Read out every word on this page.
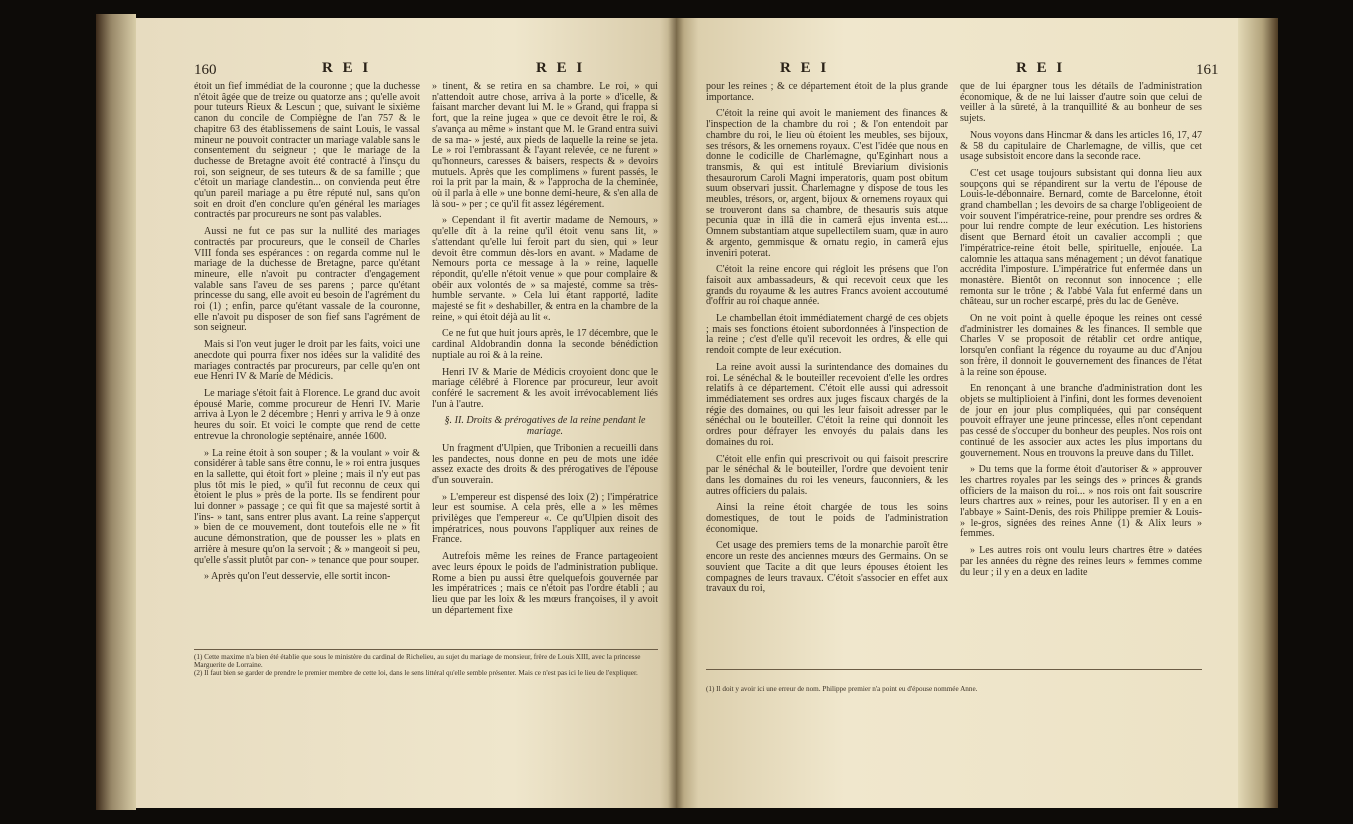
160	R E I	R E I

étoit un fief immédiat de la couronne ; que la duchesse n'étoit âgée que de treize ou quatorze ans ; qu'elle avoit pour tuteurs Rieux & Lescun ; que, suivant le sixième canon du concile de Compiègne de l'an 757 & le chapitre 63 des établissemens de saint Louis, le vassal mineur ne pouvoit contracter un mariage valable sans le consentement du seigneur ; que le mariage de la duchesse de Bretagne avoit été contracté à l'insçu du roi, son seigneur, de ses tuteurs & de sa famille ; que c'étoit un mariage clandestin... on convienda peut être qu'un pareil mariage a pu être réputé nul, sans qu'on soit en droit d'en conclure qu'en général les mariages contractés par procureurs ne sont pas valables.

Aussi ne fut ce pas sur la nullité des mariages contractés par procureurs, que le conseil de Charles VIII fonda ses espérances : on regarda comme nul le mariage de la duchesse de Bretagne, parce qu'étant mineure, elle n'avoit pu contracter d'engagement valable sans l'aveu de ses parens ; parce qu'étant princesse du sang, elle avoit eu besoin de l'agrément du roi (1) ; enfin, parce qu'étant vassale de la couronne, elle n'avoit pu disposer de son fief sans l'agrément de son seigneur.

Mais si l'on veut juger le droit par les faits, voici une anecdote qui pourra fixer nos idées sur la validité des mariages contractés par procureurs, par celle qu'en ont eue Henri IV & Marie de Médicis.

Le mariage s'étoit fait à Florence. Le grand duc avoit épousé Marie, comme procureur de Henri IV. Marie arriva à Lyon le 2 décembre ; Henri y arriva le 9 à onze heures du soir. Et voici le compte que rend de cette entrevue la chronologie septénaire, année 1600.

» La reine étoit à son souper ; & la voulant » voir & considérer à table sans être connu, le » roi entra jusques en la sallette, qui étoit fort » pleine ; mais il n'y eut pas plus tôt mis le pied, » qu'il fut reconnu de ceux qui étoient le plus » près de la porte. Ils se fendirent pour lui donner » passage ; ce qui fit que sa majesté sortit à l'ins- » tant, sans entrer plus avant. La reine s'apperçut » bien de ce mouvement, dont toutefois elle ne » fit aucune démonstration, que de pousser les » plats en arrière à mesure qu'on la servoit ; & » mangeoit si peu, qu'elle s'assit plutôt par con- » tenance que pour souper.

» Après qu'on l'eut desservie, elle sortit incon-

» tinent, & se retira en sa chambre. Le roi, » qui n'attendoit autre chose, arriva à la porte » d'icelle, & faisant marcher devant lui M. le » Grand, qui frappa si fort, que la reine jugea » que ce devoit être le roi, & s'avança au même » instant que M. le Grand entra suivi de sa ma- » jesté, aux pieds de laquelle la reine se jeta. Le » roi l'embrassant & l'ayant relevée, ce ne furent » qu'honneurs, caresses & baisers, respects & » devoirs mutuels. Après que les complimens » furent passés, le roi la prit par la main, & » l'approcha de la cheminée, où il parla à elle » une bonne demi-heure, & s'en alla de là sou- » per ; ce qu'il fit assez légérement.

» Cependant il fit avertir madame de Nemours, » qu'elle dît à la reine qu'il étoit venu sans lit, » s'attendant qu'elle lui feroit part du sien, qui » leur devoit être commun dès-lors en avant. » Madame de Nemours porta ce message à la » reine, laquelle répondit, qu'elle n'étoit venue » que pour complaire & obéir aux volontés de » sa majesté, comme sa très-humble servante. » Cela lui étant rapporté, ladite majesté se fit » deshabiller, & entra en la chambre de la reine, » qui étoit déjà au lit «.

Ce ne fut que huit jours après, le 17 décembre, que le cardinal Aldobrandin donna la seconde bénédiction nuptiale au roi & à la reine.

Henri IV & Marie de Médicis croyoient donc que le mariage célébré à Florence par procureur, leur avoit conféré le sacrement & les avoit irrévocablement liés l'un à l'autre.

§. II. Droits & prérogatives de la reine pendant le mariage.

Un fragment d'Ulpien, que Tribonien a recueilli dans les pandectes, nous donne en peu de mots une idée assez exacte des droits & des prérogatives de l'épouse d'un souverain.

» L'empereur est dispensé des loix (2) ; l'impératrice leur est soumise. A cela près, elle a » les mêmes privilèges que l'empereur «. Ce qu'Ulpien disoit des impératrices, nous pouvons l'appliquer aux reines de France.

Autrefois même les reines de France partageoient avec leurs époux le poids de l'administration publique. Rome a bien pu aussi être quelquefois gouvernée par les impératrices ; mais ce n'étoit pas l'ordre établi ; au lieu que par les loix & les mœurs françoises, il y avoit un département fixe

(1) Cette maxime n'a bien été établie que sous le ministère du cardinal de Richelieu, au sujet du mariage de monsieur, frère de Louis XIII, avec la princesse Marguerite de Lorraine.
(2) Il faut bien se garder de prendre le premier membre de cette loi, dans le sens littéral qu'elle semble présenter. Mais ce n'est pas ici le lieu de l'expliquer.
R E I	R E I	161

pour les reines ; & ce département étoit de la plus grande importance.

C'étoit la reine qui avoit le maniement des finances & l'inspection de la chambre du roi ; & l'on entendoit par chambre du roi, le lieu où étoient les meubles, ses bijoux, ses trésors, & les ornemens royaux. C'est l'idée que nous en donne le codicille de Charlemagne, qu'Eginhart nous a transmis, & qui est intitulé Breviarium divisionis thesaurorum Caroli Magni imperatoris, quam post obitum suum observari jussit. Charlemagne y dispose de tous les meubles, trésors, or, argent, bijoux & ornemens royaux qui se trouveront dans sa chambre, de thesauris suis atque pecunia quæ in illâ die in camerâ ejus inventa est.... Omnem substantiam atque supellectilem suam, quæ in auro & argento, gemmisque & ornatu regio, in camerâ ejus inveniri poterat.

C'étoit la reine encore qui régloit les présens que l'on faisoit aux ambassadeurs, & qui recevoit ceux que les grands du royaume & les autres Francs avoient accoutumé d'offrir au roi chaque année.

Le chambellan étoit immédiatement chargé de ces objets ; mais ses fonctions étoient subordonnées à l'inspection de la reine ; c'est d'elle qu'il recevoit les ordres, & elle qui rendoit compte de leur exécution.

La reine avoit aussi la surintendance des domaines du roi. Le sénéchal & le bouteiller recevoient d'elle les ordres relatifs à ce département. C'étoit elle aussi qui adressoit immédiatement ses ordres aux juges fiscaux chargés de la régie des domaines, ou qui les leur faisoit adresser par le sénéchal ou le bouteiller. C'étoit la reine qui donnoit les ordres pour défrayer les envoyés du palais dans les domaines du roi.

C'étoit elle enfin qui prescrivoit ou qui faisoit prescrire par le sénéchal & le bouteiller, l'ordre que devoient tenir dans les domaines du roi les veneurs, fauconniers, & les autres officiers du palais.

Ainsi la reine étoit chargée de tous les soins domestiques, de tout le poids de l'administration économique.

Cet usage des premiers tems de la monarchie paroît être encore un reste des anciennes mœurs des Germains. On se souvient que Tacite a dit que leurs épouses étoient les compagnes de leurs travaux. C'étoit s'associer en effet aux travaux du roi,

que de lui épargner tous les détails de l'administration économique, & de ne lui laisser d'autre soin que celui de veiller à la sûreté, à la tranquillité & au bonheur de ses sujets.

Nous voyons dans Hincmar & dans les articles 16, 17, 47 & 58 du capitulaire de Charlemagne, de villis, que cet usage subsistoit encore dans la seconde race.

C'est cet usage toujours subsistant qui donna lieu aux soupçons qui se répandirent sur la vertu de l'épouse de Louis-le-débonnaire. Bernard, comte de Barcelonne, étoit grand chambellan ; les devoirs de sa charge l'obligeoient de voir souvent l'impératrice-reine, pour prendre ses ordres & pour lui rendre compte de leur exécution. Les historiens disent que Bernard étoit un cavalier accompli ; que l'impératrice-reine étoit belle, spirituelle, enjouée. La calomnie les attaqua sans ménagement ; un dévot fanatique accrédita l'imposture. L'impératrice fut enfermée dans un monastère. Bientôt on reconnut son innocence ; elle remonta sur le trône ; & l'abbé Vala fut enfermé dans un château, sur un rocher escarpé, près du lac de Genève.

On ne voit point à quelle époque les reines ont cessé d'administrer les domaines & les finances. Il semble que Charles V se proposoit de rétablir cet ordre antique, lorsqu'en confiant la régence du royaume au duc d'Anjou son frère, il donnoit le gouvernement des finances de l'état à la reine son épouse.

En renonçant à une branche d'administration dont les objets se multiplioient à l'infini, dont les formes devenoient de jour en jour plus compliquées, qui par conséquent pouvoit effrayer une jeune princesse, elles n'ont cependant pas cessé de s'occuper du bonheur des peuples. Nos rois ont continué de les associer aux actes les plus importans du gouvernement. Nous en trouvons la preuve dans du Tillet.

» Du tems que la forme étoit d'autoriser & » approuver les chartres royales par les seings des » princes & grands officiers de la maison du roi... » nos rois ont fait souscrire leurs chartres aux » reines, pour les autoriser. Il y en a en l'abbaye » Saint-Denis, des rois Philippe premier & Louis- » le-gros, signées des reines Anne (1) & Alix leurs » femmes.

» Les autres rois ont voulu leurs chartres être » datées par les années du règne des reines leurs » femmes comme du leur ; il y en a deux en ladite

(1) Il doit y avoir ici une erreur de nom. Philippe premier n'a point eu d'épouse nommée Anne.
